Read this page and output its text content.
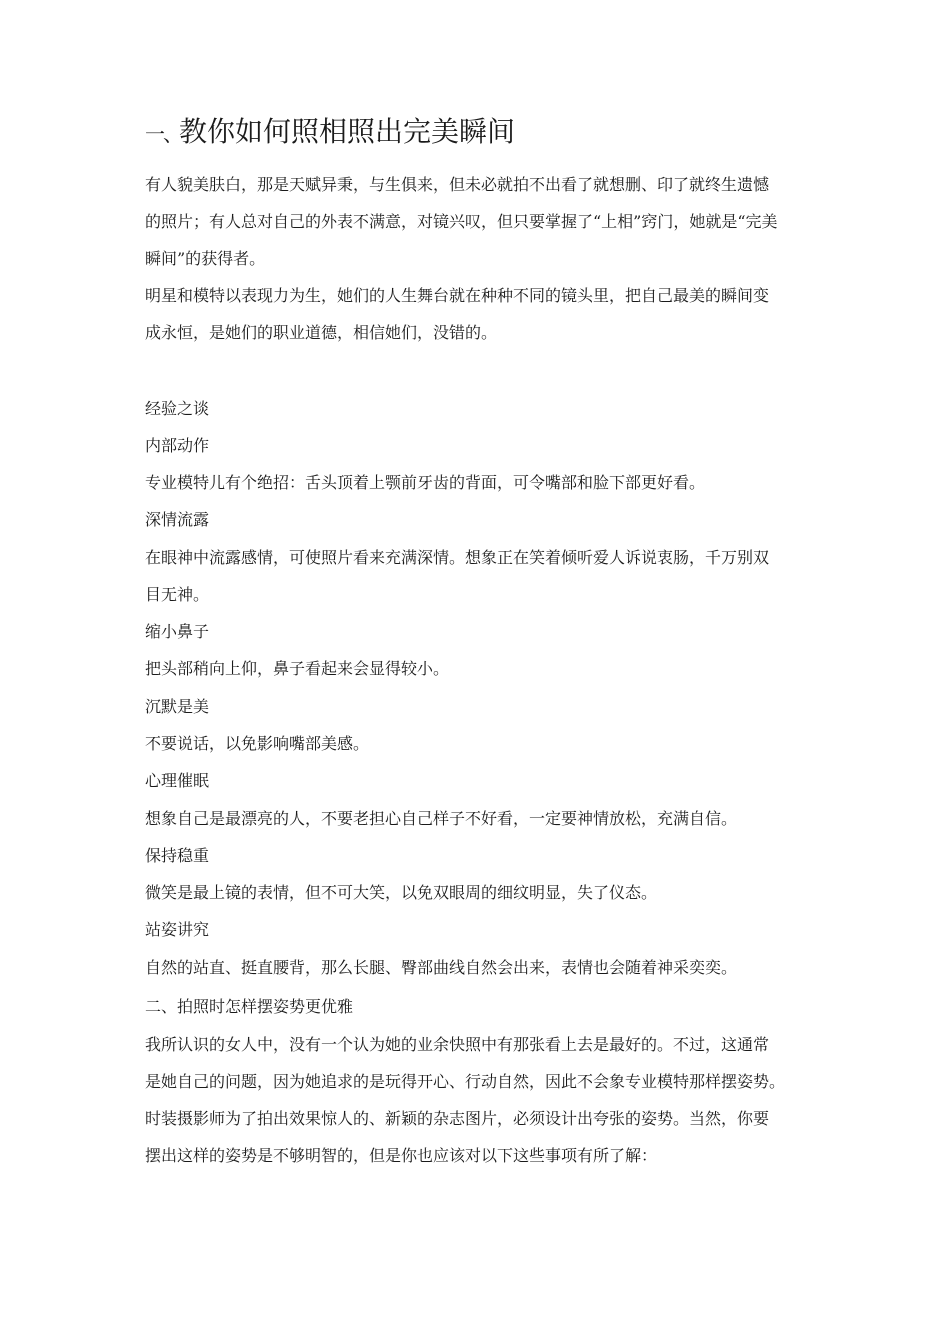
一、
教你如何照相照出完美瞬间

有人貌美肤白，那是天赋异秉，与生俱来，但未必就拍不出看了就想删、印了就终生遗憾

的照片；有人总对自己的外表不满意，对镜兴叹，但只要掌握了“上相”窍门，她就是“完美

瞬间”的获得者。

明星和模特以表现力为生，她们的人生舞台就在种种不同的镜头里，把自己最美的瞬间变

成永恒，是她们的职业道德，相信她们，没错的。

经验之谈

内部动作

专业模特儿有个绝招：舌头顶着上颚前牙齿的背面，可令嘴部和脸下部更好看。

深情流露

在眼神中流露感情，可使照片看来充满深情。想象正在笑着倾听爱人诉说衷肠，千万别双

目无神。

缩小鼻子

把头部稍向上仰，鼻子看起来会显得较小。

沉默是美

不要说话，以免影响嘴部美感。

心理催眠

想象自己是最漂亮的人，不要老担心自己样子不好看，一定要神情放松，充满自信。

保持稳重

微笑是最上镜的表情，但不可大笑，以免双眼周的细纹明显，失了仪态。

站姿讲究

自然的站直、挺直腰背，那么长腿、臀部曲线自然会出来，表情也会随着神采奕奕。

二、拍照时怎样摆姿势更优雅

我所认识的女人中，没有一个认为她的业余快照中有那张看上去是最好的。不过，这通常

是她自己的问题，因为她追求的是玩得开心、行动自然，因此不会象专业模特那样摆姿势。

时装摄影师为了拍出效果惊人的、新颖的杂志图片，必须设计出夸张的姿势。当然，你要

摆出这样的姿势是不够明智的，但是你也应该对以下这些事项有所了解：
